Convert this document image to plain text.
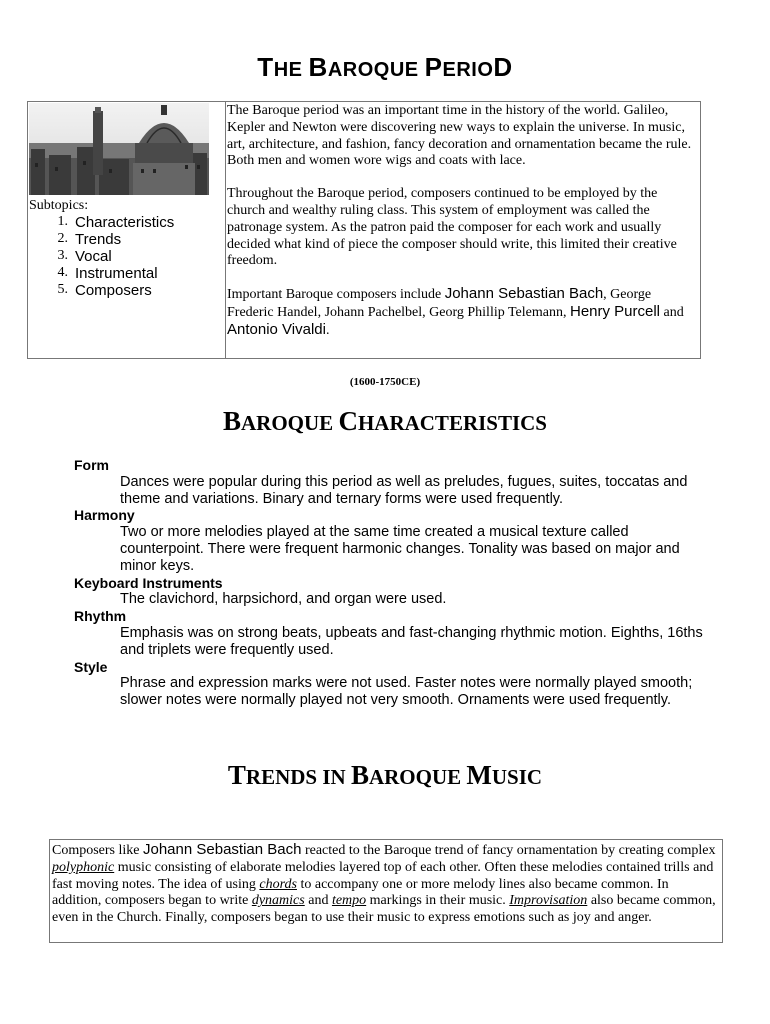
THE BAROQUE PERIOD
Subtopics:
1. Characteristics
2. Trends
3. Vocal
4. Instrumental
5. Composers

The Baroque period was an important time in the history of the world. Galileo, Kepler and Newton were discovering new ways to explain the universe. In music, art, architecture, and fashion, fancy decoration and ornamentation became the rule. Both men and women wore wigs and coats with lace.

Throughout the Baroque period, composers continued to be employed by the church and wealthy ruling class. This system of employment was called the patronage system. As the patron paid the composer for each work and usually decided what kind of piece the composer should write, this limited their creative freedom.

Important Baroque composers include Johann Sebastian Bach, George Frederic Handel, Johann Pachelbel, Georg Phillip Telemann, Henry Purcell and Antonio Vivaldi.

(1600-1750CE)
BAROQUE CHARACTERISTICS
Form
Dances were popular during this period as well as preludes, fugues, suites, toccatas and theme and variations. Binary and ternary forms were used frequently.
Harmony
Two or more melodies played at the same time created a musical texture called counterpoint. There were frequent harmonic changes. Tonality was based on major and minor keys.
Keyboard Instruments
The clavichord, harpsichord, and organ were used.
Rhythm
Emphasis was on strong beats, upbeats and fast-changing rhythmic motion. Eighths, 16ths and triplets were frequently used.
Style
Phrase and expression marks were not used. Faster notes were normally played smooth; slower notes were normally played not very smooth. Ornaments were used frequently.
TRENDS IN BAROQUE MUSIC
Composers like Johann Sebastian Bach reacted to the Baroque trend of fancy ornamentation by creating complex polyphonic music consisting of elaborate melodies layered top of each other. Often these melodies contained trills and fast moving notes. The idea of using chords to accompany one or more melody lines also became common. In addition, composers began to write dynamics and tempo markings in their music. Improvisation also became common, even in the Church. Finally, composers began to use their music to express emotions such as joy and anger.
